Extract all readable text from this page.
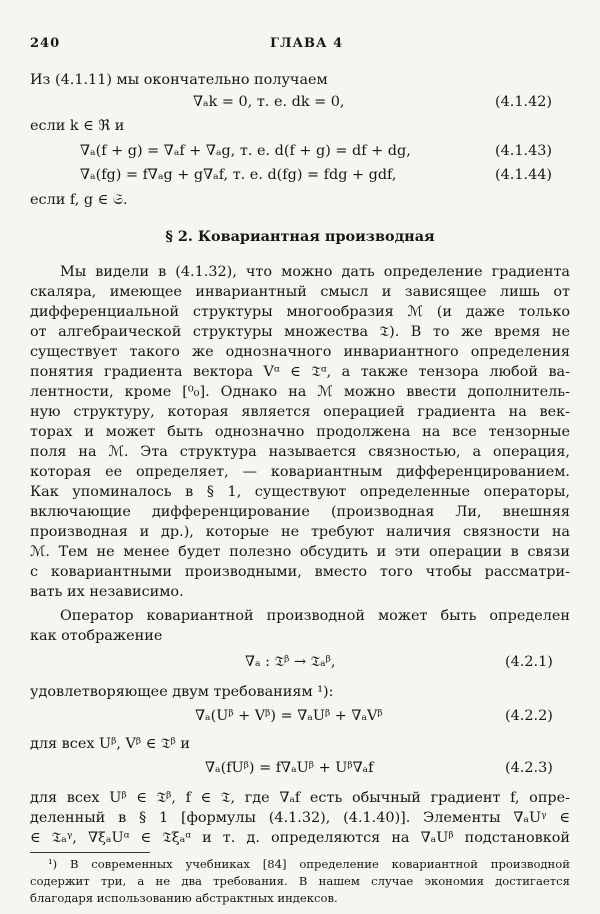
240	ГЛАВА 4
Из (4.1.11) мы окончательно получаем
∇ₐk = 0, т. е. dk = 0,	(4.1.42)
если k ∈ ℜ и
∇ₐ(f + g) = ∇ₐf + ∇ₐg, т. е. d(f + g) = df + dg,	(4.1.43)
∇ₐ(fg) = f∇ₐg + g∇ₐf, т. е. d(fg) = fdg + gdf,	(4.1.44)
если f, g ∈ 𝔖.
§ 2. Ковариантная производная
Мы видели в (4.1.32), что можно дать определение градиента
скаляра, имеющее инвариантный смысл и зависящее лишь от
дифференциальной структуры многообразия ℳ (и даже только
от алгебраической структуры множества 𝔗). В то же время не
существует такого же однозначного инвариантного определения
понятия градиента вектора Vᵅ ∈ 𝔗ᵅ, а также тензора любой ва-
лентности, кроме [⁰₀]. Однако на ℳ можно ввести дополнитель-
ную структуру, которая является операцией градиента на век-
торах и может быть однозначно продолжена на все тензорные
поля на ℳ. Эта структура называется связностью, а операция,
которая ее определяет, — ковариантным дифференцированием.
Как упоминалось в § 1, существуют определенные операторы,
включающие дифференцирование (производная Ли, внешняя
производная и др.), которые не требуют наличия связности на
ℳ. Тем не менее будет полезно обсудить и эти операции в связи
с ковариантными производными, вместо того чтобы рассматри-
вать их независимо.
Оператор ковариантной производной может быть определен
как отображение
∇ₐ : 𝔗ᵝ → 𝔗ₐᵝ,	(4.2.1)
удовлетворяющее двум требованиям ¹):
∇ₐ(Uᵝ + Vᵝ) = ∇ₐUᵝ + ∇ₐVᵝ	(4.2.2)
для всех Uᵝ, Vᵝ ∈ 𝔗ᵝ и
∇ₐ(fUᵝ) = f∇ₐUᵝ + Uᵝ∇ₐf	(4.2.3)
для всех Uᵝ ∈ 𝔗ᵝ, f ∈ 𝔗, где ∇ₐf есть обычный градиент f, опре-
деленный в § 1 [формулы (4.1.32), (4.1.40)]. Элементы ∇ₐUᵞ ∈
∈ 𝔗ₐᵞ, ∇ξₐUᵅ ∈ 𝔗ξₐᵅ и т. д. определяются на ∇ₐUᵝ подстановкой
¹) В современных учебниках [84] определение ковариантной производной
содержит три, а не два требования. В нашем случае экономия достигается
благодаря использованию абстрактных индексов.
